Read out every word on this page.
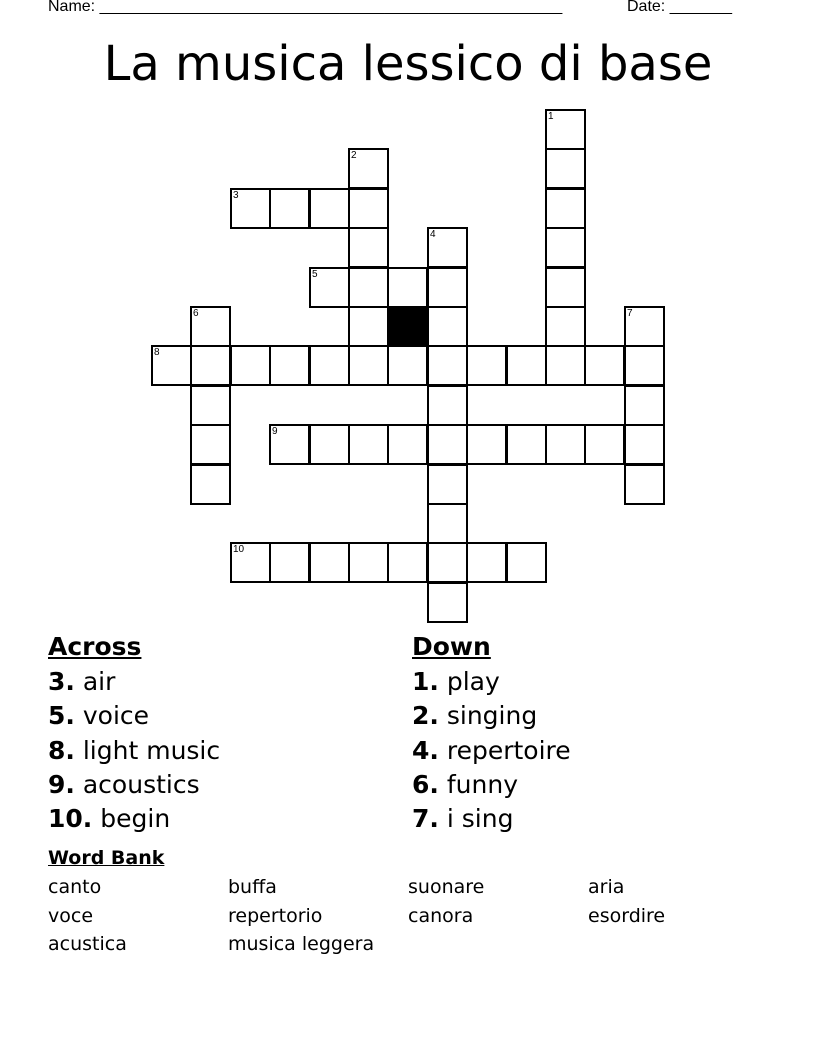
Name: ____________________________________________________	Date: _______
La musica lessico di base
1
2
3
4
5
6	7
8
9
10
Across
3. air
5. voice
8. light music
9. acoustics
10. begin
Down
1. play
2. singing
4. repertoire
6. funny
7. i sing
Word Bank
canto	buffa	suonare	aria
voce	repertorio	canora	esordire
acustica	musica leggera
